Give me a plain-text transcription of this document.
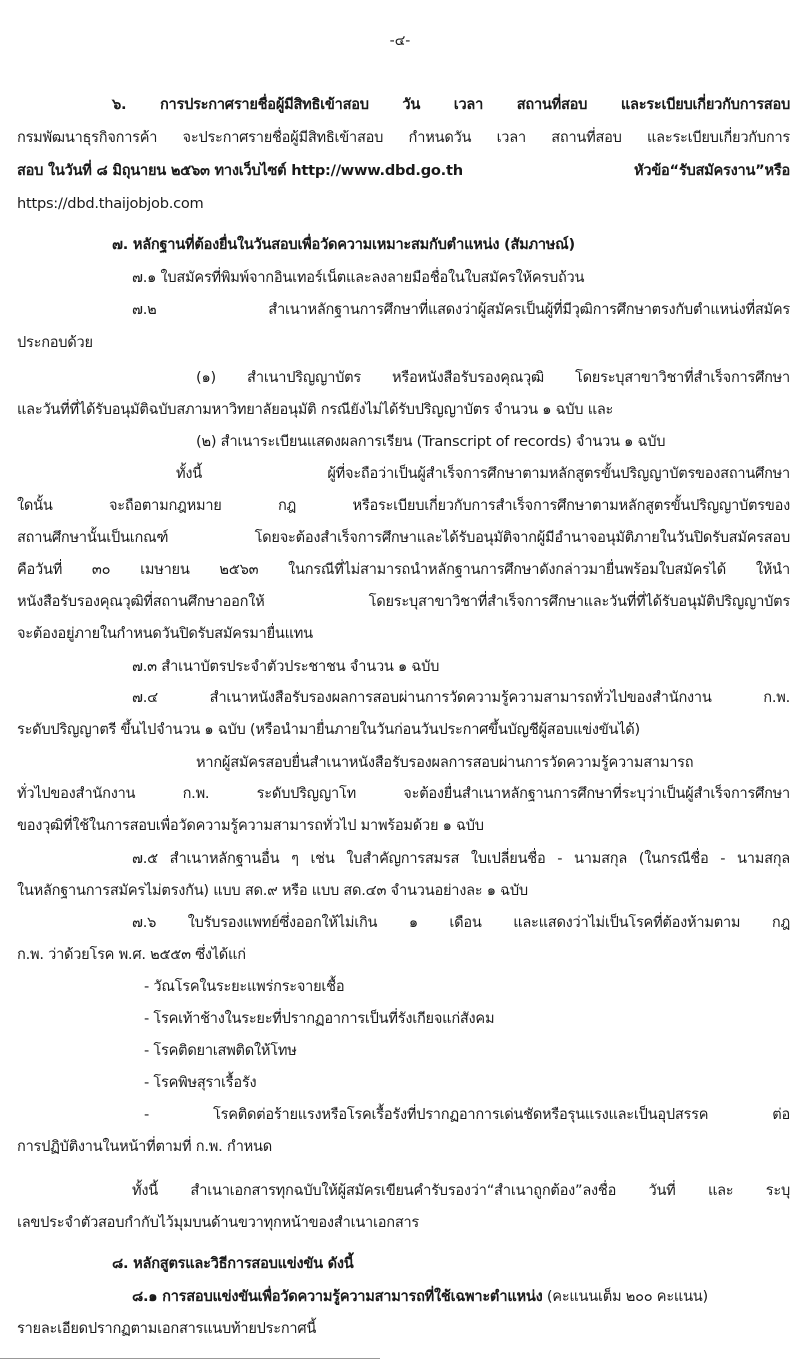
-๔-
๖. การประกาศรายชื่อผู้มีสิทธิเข้าสอบ วัน เวลา สถานที่สอบ และระเบียบเกี่ยวกับการสอบ
กรมพัฒนาธุรกิจการค้า จะประกาศรายชื่อผู้มีสิทธิเข้าสอบ กำหนดวัน เวลา สถานที่สอบ และระเบียบเกี่ยวกับการ
สอบ ในวันที่ ๘ มิถุนายน ๒๕๖๓ ทางเว็บไซต์ http://www.dbd.go.th	หัวข้อ“รับสมัครงาน”หรือ
https://dbd.thaijobjob.com
๗. หลักฐานที่ต้องยื่นในวันสอบเพื่อวัดความเหมาะสมกับตำแหน่ง (สัมภาษณ์)
๗.๑ ใบสมัครที่พิมพ์จากอินเทอร์เน็ตและลงลายมือชื่อในใบสมัครให้ครบถ้วน
๗.๒ สำเนาหลักฐานการศึกษาที่แสดงว่าผู้สมัครเป็นผู้ที่มีวุฒิการศึกษาตรงกับตำแหน่งที่สมัคร
ประกอบด้วย
(๑) สำเนาปริญญาบัตร หรือหนังสือรับรองคุณวุฒิ โดยระบุสาขาวิชาที่สำเร็จการศึกษา
และวันที่ที่ได้รับอนุมัติฉบับสภามหาวิทยาลัยอนุมัติ กรณียังไม่ได้รับปริญญาบัตร จำนวน ๑ ฉบับ และ
(๒) สำเนาระเบียนแสดงผลการเรียน (Transcript of records) จำนวน ๑ ฉบับ
ทั้งนี้ ผู้ที่จะถือว่าเป็นผู้สำเร็จการศึกษาตามหลักสูตรขั้นปริญญาบัตรของสถานศึกษา
ใดนั้น จะถือตามกฎหมาย กฎ หรือระเบียบเกี่ยวกับการสำเร็จการศึกษาตามหลักสูตรขั้นปริญญาบัตรของ
สถานศึกษานั้นเป็นเกณฑ์ โดยจะต้องสำเร็จการศึกษาและได้รับอนุมัติจากผู้มีอำนาจอนุมัติภายในวันปิดรับสมัครสอบ
คือวันที่ ๓๐ เมษายน ๒๕๖๓ ในกรณีที่ไม่สามารถนำหลักฐานการศึกษาดังกล่าวมายื่นพร้อมใบสมัครได้ ให้นำ
หนังสือรับรองคุณวุฒิที่สถานศึกษาออกให้ โดยระบุสาขาวิชาที่สำเร็จการศึกษาและวันที่ที่ได้รับอนุมัติปริญญาบัตร
จะต้องอยู่ภายในกำหนดวันปิดรับสมัครมายื่นแทน
๗.๓ สำเนาบัตรประจำตัวประชาชน จำนวน ๑ ฉบับ
๗.๔ สำเนาหนังสือรับรองผลการสอบผ่านการวัดความรู้ความสามารถทั่วไปของสำนักงาน ก.พ.
ระดับปริญญาตรี ขึ้นไปจำนวน ๑ ฉบับ (หรือนำมายื่นภายในวันก่อนวันประกาศขึ้นบัญชีผู้สอบแข่งขันได้)
หากผู้สมัครสอบยื่นสำเนาหนังสือรับรองผลการสอบผ่านการวัดความรู้ความสามารถ
ทั่วไปของสำนักงาน ก.พ. ระดับปริญญาโท จะต้องยื่นสำเนาหลักฐานการศึกษาที่ระบุว่าเป็นผู้สำเร็จการศึกษา
ของวุฒิที่ใช้ในการสอบเพื่อวัดความรู้ความสามารถทั่วไป มาพร้อมด้วย ๑ ฉบับ
๗.๕ สำเนาหลักฐานอื่น ๆ เช่น ใบสำคัญการสมรส ใบเปลี่ยนชื่อ - นามสกุล (ในกรณีชื่อ - นามสกุล
ในหลักฐานการสมัครไม่ตรงกัน) แบบ สด.๙ หรือ แบบ สด.๔๓ จำนวนอย่างละ ๑ ฉบับ
๗.๖ ใบรับรองแพทย์ซึ่งออกให้ไม่เกิน ๑ เดือน และแสดงว่าไม่เป็นโรคที่ต้องห้ามตาม กฎ
ก.พ. ว่าด้วยโรค พ.ศ. ๒๕๕๓ ซึ่งได้แก่
- วัณโรคในระยะแพร่กระจายเชื้อ
- โรคเท้าช้างในระยะที่ปรากฏอาการเป็นที่รังเกียจแก่สังคม
- โรคติดยาเสพติดให้โทษ
- โรคพิษสุราเรื้อรัง
- โรคติดต่อร้ายแรงหรือโรคเรื้อรังที่ปรากฏอาการเด่นชัดหรือรุนแรงและเป็นอุปสรรค ต่อ
การปฏิบัติงานในหน้าที่ตามที่ ก.พ. กำหนด
ทั้งนี้ สำเนาเอกสารทุกฉบับให้ผู้สมัครเขียนคำรับรองว่า“สำเนาถูกต้อง”ลงชื่อ วันที่ และ ระบุ
เลขประจำตัวสอบกำกับไว้มุมบนด้านขวาทุกหน้าของสำเนาเอกสาร
๘. หลักสูตรและวิธีการสอบแข่งขัน ดังนี้
๘.๑ การสอบแข่งขันเพื่อวัดความรู้ความสามารถที่ใช้เฉพาะตำแหน่ง (คะแนนเต็ม ๒๐๐ คะแนน)
รายละเอียดปรากฏตามเอกสารแนบท้ายประกาศนี้
